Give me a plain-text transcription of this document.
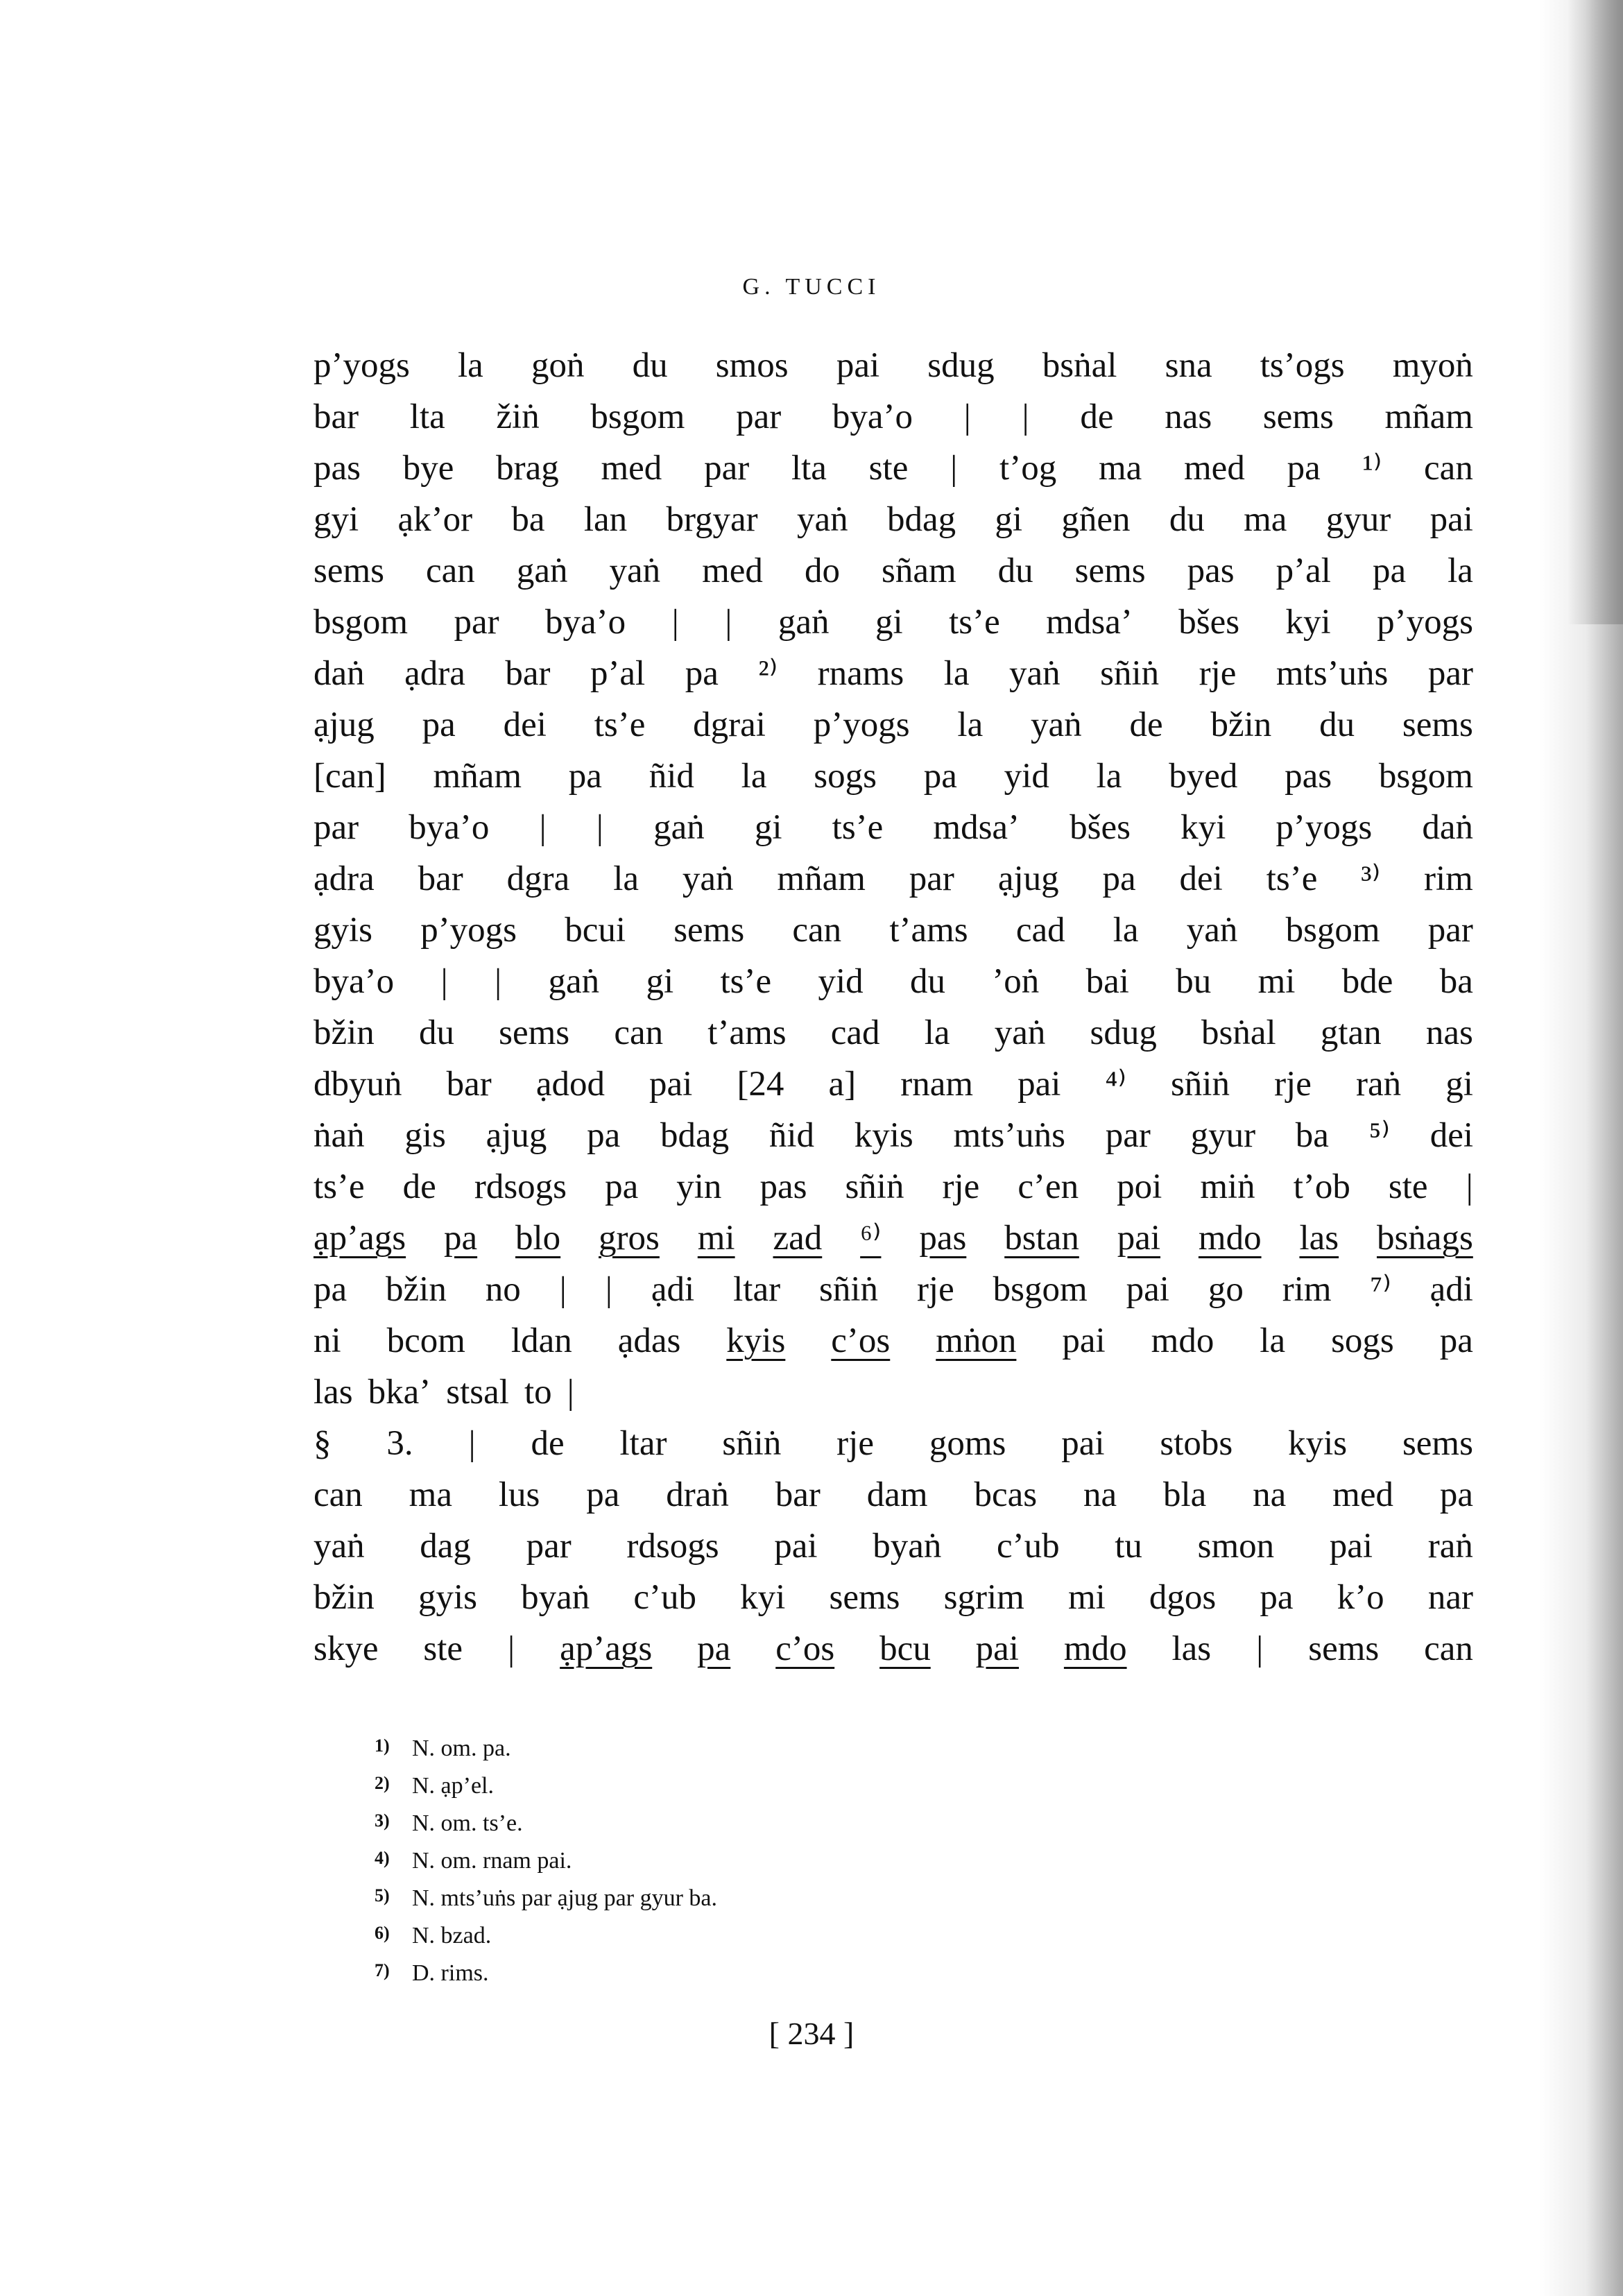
G. TUCCI
p’yogs la goṅ du smos pai sdug bsṅal sna ts’ogs myoṅ
bar lta žiṅ bsgom par bya’o | | de nas sems mñam
pas bye brag med par lta ste | t’og ma med pa ¹⁾ can
gyi ạk’or ba lan brgyar yaṅ bdag gi gñen du ma gyur pai
sems can gaṅ yaṅ med do sñam du sems pas p’al pa la
bsgom par bya’o | | gaṅ gi ts’e mdsa’ bšes kyi p’yogs
daṅ ạdra bar p’al pa ²⁾ rnams la yaṅ sñiṅ rje mts’uṅs par
ạjug pa dei ts’e dgrai p’yogs la yaṅ de bžin du sems
[can] mñam pa ñid la sogs pa yid la byed pas bsgom
par bya’o | | gaṅ gi ts’e mdsa’ bšes kyi p’yogs daṅ
ạdra bar dgra la yaṅ mñam par ạjug pa dei ts’e ³⁾ rim
gyis p’yogs bcui sems can t’ams cad la yaṅ bsgom par
bya’o | | gaṅ gi ts’e yid du ’oṅ bai bu mi bde ba
bžin du sems can t’ams cad la yaṅ sdug bsṅal gtan nas
dbyuṅ bar ạdod pai [24 a] rnam pai ⁴⁾ sñiṅ rje raṅ gi
ṅaṅ gis ạjug pa bdag ñid kyis mts’uṅs par gyur ba ⁵⁾ dei
ts’e de rdsogs pa yin pas sñiṅ rje c’en poi miṅ t’ob ste |
ạp’ags pa blo gros mi zad ⁶⁾ pas bstan pai mdo las bsṅags
pa bžin no | | ạdi ltar sñiṅ rje bsgom pai go rim ⁷⁾ ạdi
ni bcom ldan ạdas kyis c’os mṅon pai mdo la sogs pa
las bka’ stsal to |
§ 3. | de ltar sñiṅ rje goms pai stobs kyis sems
can ma lus pa draṅ bar dam bcas na bla na med pa
yaṅ dag par rdsogs pai byaṅ c’ub tu smon pai raṅ
bžin gyis byaṅ c’ub kyi sems sgrim mi dgos pa k’o nar
skye ste | ạp’ags pa c’os bcu pai mdo las | sems can
1) N. om. pa.
2) N. ạp’el.
3) N. om. ts’e.
4) N. om. rnam pai.
5) N. mts’uṅs par ạjug par gyur ba.
6) N. bzad.
7) D. rims.
[ 234 ]
